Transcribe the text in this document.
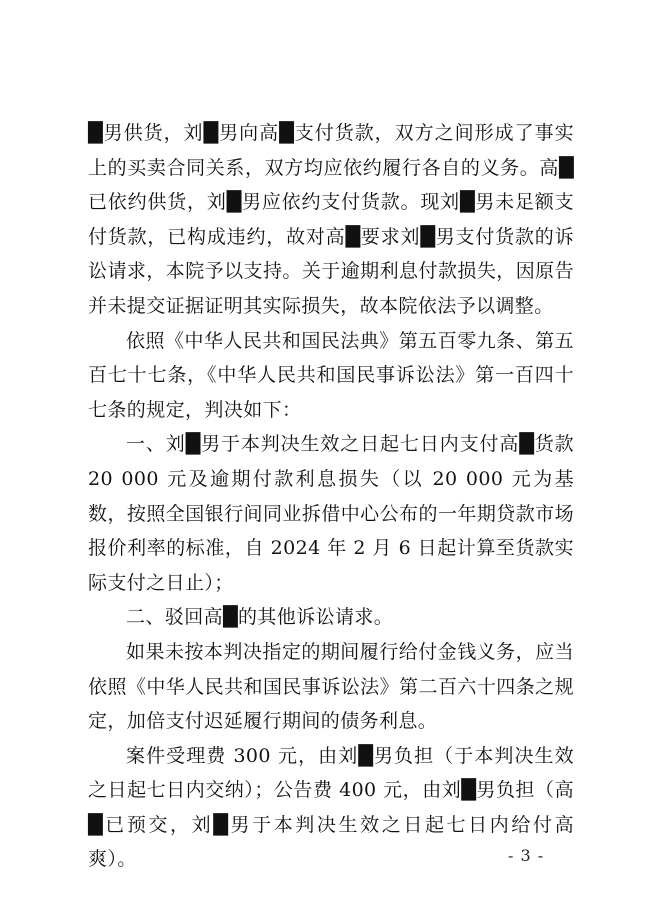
█男供货，刘█男向高█支付货款，双方之间形成了事实上的买卖合同关系，双方均应依约履行各自的义务。高█已依约供货，刘█男应依约支付货款。现刘█男未足额支付货款，已构成违约，故对高█要求刘█男支付货款的诉讼请求，本院予以支持。关于逾期利息付款损失，因原告并未提交证据证明其实际损失，故本院依法予以调整。

依照《中华人民共和国民法典》第五百零九条、第五百七十七条，《中华人民共和国民事诉讼法》第一百四十七条的规定，判决如下：

一、刘█男于本判决生效之日起七日内支付高█货款 20 000 元及逾期付款利息损失（以 20 000 元为基数，按照全国银行间同业拆借中心公布的一年期贷款市场报价利率的标准，自 2024 年 2 月 6 日起计算至货款实际支付之日止）；

二、驳回高█的其他诉讼请求。

如果未按本判决指定的期间履行给付金钱义务，应当依照《中华人民共和国民事诉讼法》第二百六十四条之规定，加倍支付迟延履行期间的债务利息。

案件受理费 300 元，由刘█男负担（于本判决生效之日起七日内交纳）；公告费 400 元，由刘█男负担（高█已预交，刘█男于本判决生效之日起七日内给付高爽）。	- 3 -
